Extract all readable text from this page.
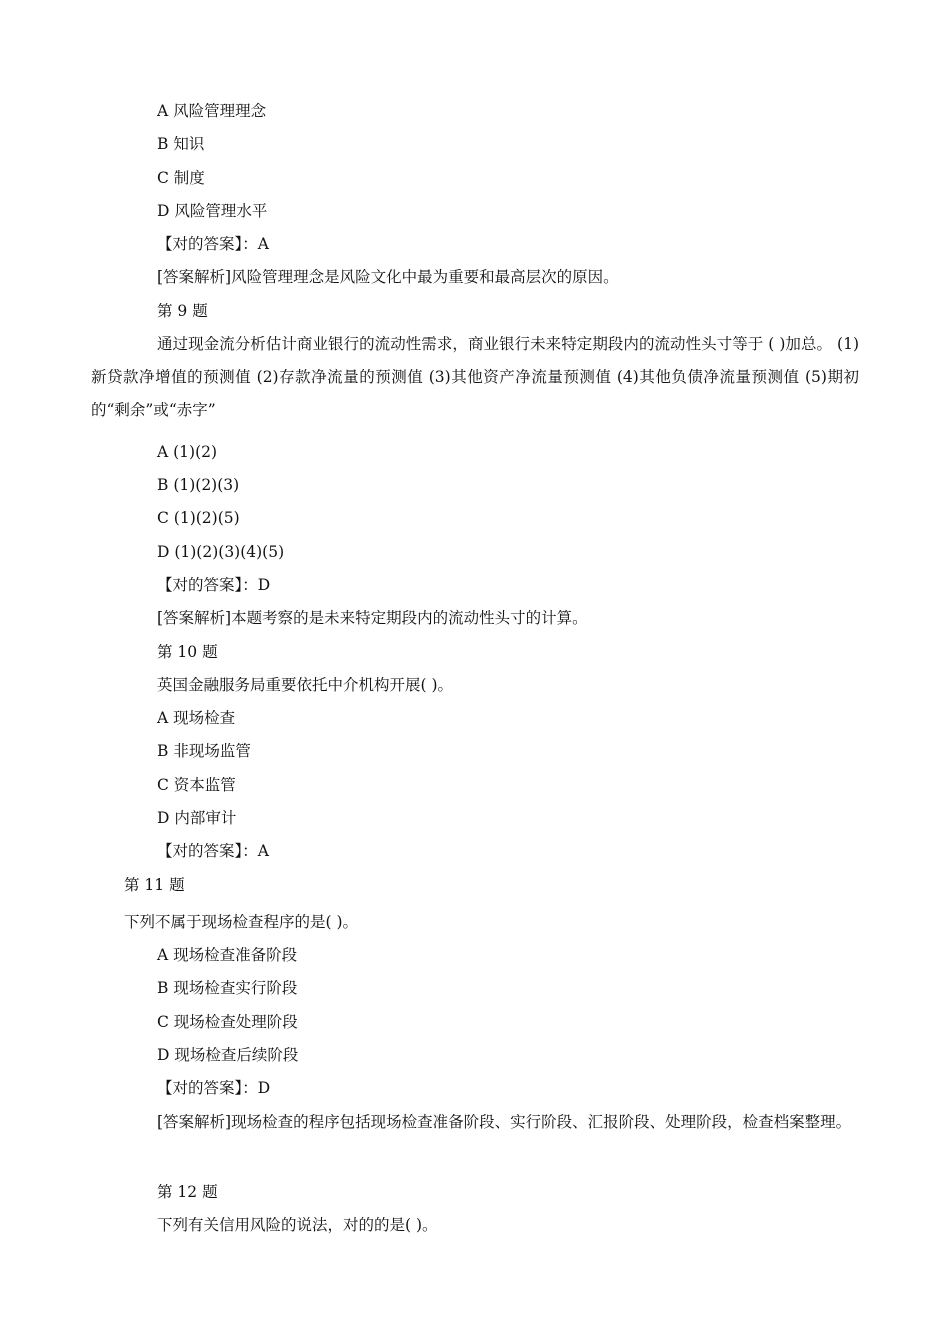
A 风险管理理念
B 知识
C 制度
D 风险管理水平
【对的答案】：A
[答案解析]风险管理理念是风险文化中最为重要和最高层次的原因。
第 9 题
通过现金流分析估计商业银行的流动性需求，商业银行未来特定期段内的流动性头寸等于 ( )加总。 (1)新贷款净增值的预测值 (2)存款净流量的预测值 (3)其他资产净流量预测值 (4)其他负债净流量预测值 (5)期初的“剩余”或“赤字”
A (1)(2)
B (1)(2)(3)
C (1)(2)(5)
D (1)(2)(3)(4)(5)
【对的答案】：D
[答案解析]本题考察的是未来特定期段内的流动性头寸的计算。
第 10 题
英国金融服务局重要依托中介机构开展( )。
A 现场检查
B 非现场监管
C 资本监管
D 内部审计
【对的答案】：A
第 11 题
下列不属于现场检查程序的是( )。
A 现场检查准备阶段
B 现场检查实行阶段
C 现场检查处理阶段
D 现场检查后续阶段
【对的答案】：D
[答案解析]现场检查的程序包括现场检查准备阶段、实行阶段、汇报阶段、处理阶段，检查档案整理。
第 12 题
下列有关信用风险的说法，对的的是( )。
